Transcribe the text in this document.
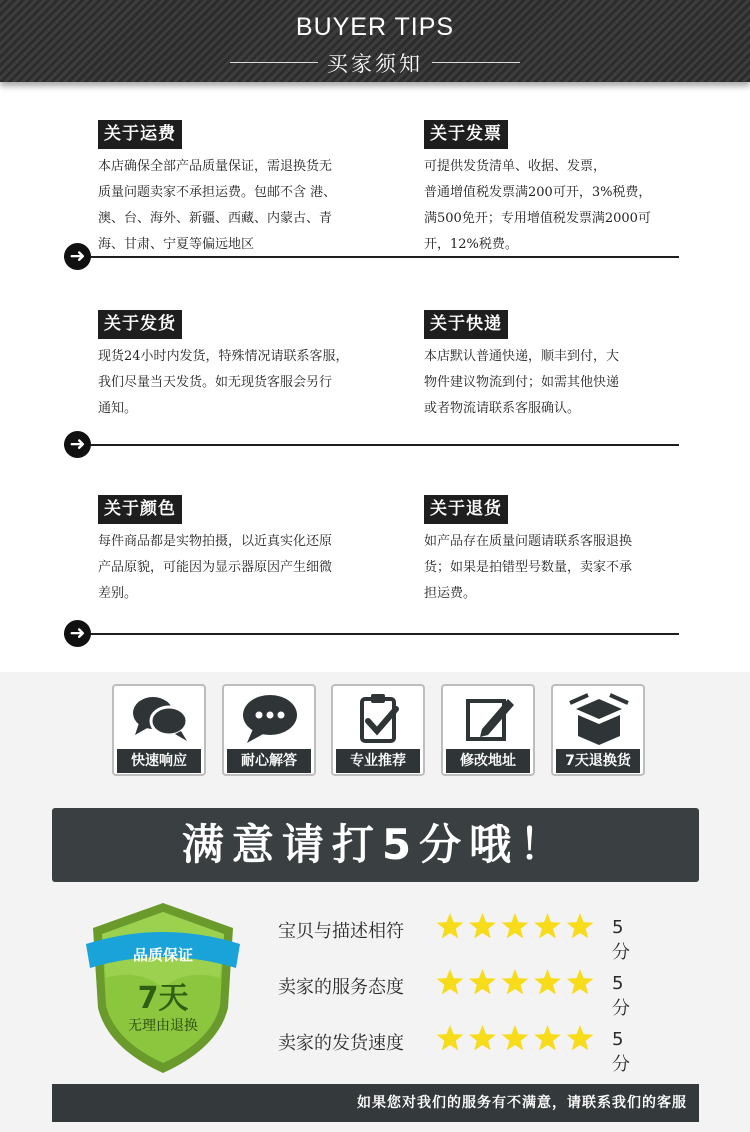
BUYER TIPS
买家须知
关于运费
本店确保全部产品质量保证，需退换货无
质量问题卖家不承担运费。包邮不含 港、
澳、台、海外、新疆、西藏、内蒙古、青
海、甘肃、宁夏等偏远地区
关于发票
可提供发货清单、收据、发票，
普通增值税发票满200可开，3%税费，
满500免开；专用增值税发票满2000可
开，12%税费。
➜
关于发货
现货24小时内发货，特殊情况请联系客服，
我们尽量当天发货。如无现货客服会另行
通知。
关于快递
本店默认普通快递，顺丰到付，大
物件建议物流到付；如需其他快递
或者物流请联系客服确认。
➜
关于颜色
每件商品都是实物拍摄，以近真实化还原
产品原貌，可能因为显示器原因产生细微
差别。
关于退货
如产品存在质量问题请联系客服退换
货；如果是拍错型号数量，卖家不承
担运费。
➜
快速响应	耐心解答	专业推荐	修改地址	7天退换货
满意请打5分哦！
品质保证
7天
无理由退换
宝贝与描述相符	5分
卖家的服务态度	5分
卖家的发货速度	5分
如果您对我们的服务有不满意，请联系我们的客服
